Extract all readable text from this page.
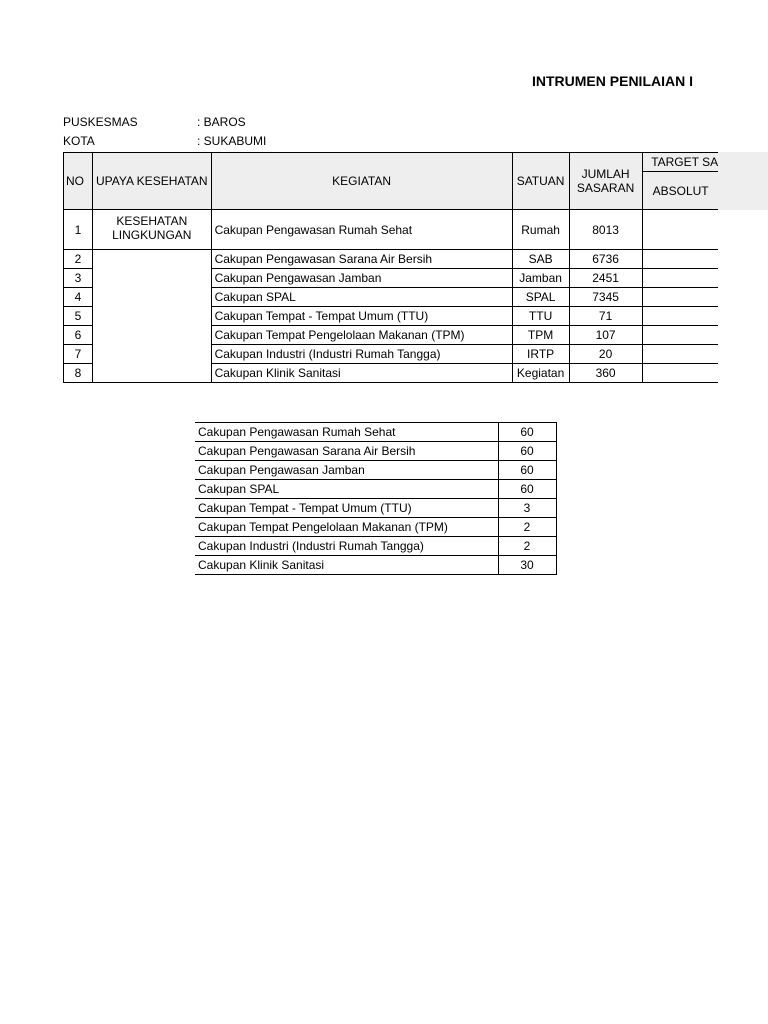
INTRUMEN PENILAIAN I
PUSKESMAS	: BAROS
KOTA	: SUKABUMI
NO	UPAYA KESEHATAN	KEGIATAN	SATUAN	JUMLAH SASARAN	TARGET SA
					ABSOLUT
1	KESEHATAN LINGKUNGAN	Cakupan Pengawasan Rumah Sehat	Rumah	8013	
2		Cakupan Pengawasan Sarana Air Bersih	SAB	6736	
3		Cakupan Pengawasan Jamban	Jamban	2451	
4		Cakupan SPAL	SPAL	7345	
5		Cakupan Tempat - Tempat Umum (TTU)	TTU	71	
6		Cakupan Tempat Pengelolaan Makanan (TPM)	TPM	107	
7		Cakupan Industri (Industri Rumah Tangga)	IRTP	20	
8		Cakupan Klinik Sanitasi	Kegiatan	360	
Cakupan Pengawasan Rumah Sehat	60
Cakupan Pengawasan Sarana Air Bersih	60
Cakupan Pengawasan Jamban	60
Cakupan SPAL	60
Cakupan Tempat - Tempat Umum (TTU)	3
Cakupan Tempat Pengelolaan Makanan (TPM)	2
Cakupan Industri (Industri Rumah Tangga)	2
Cakupan Klinik Sanitasi	30
